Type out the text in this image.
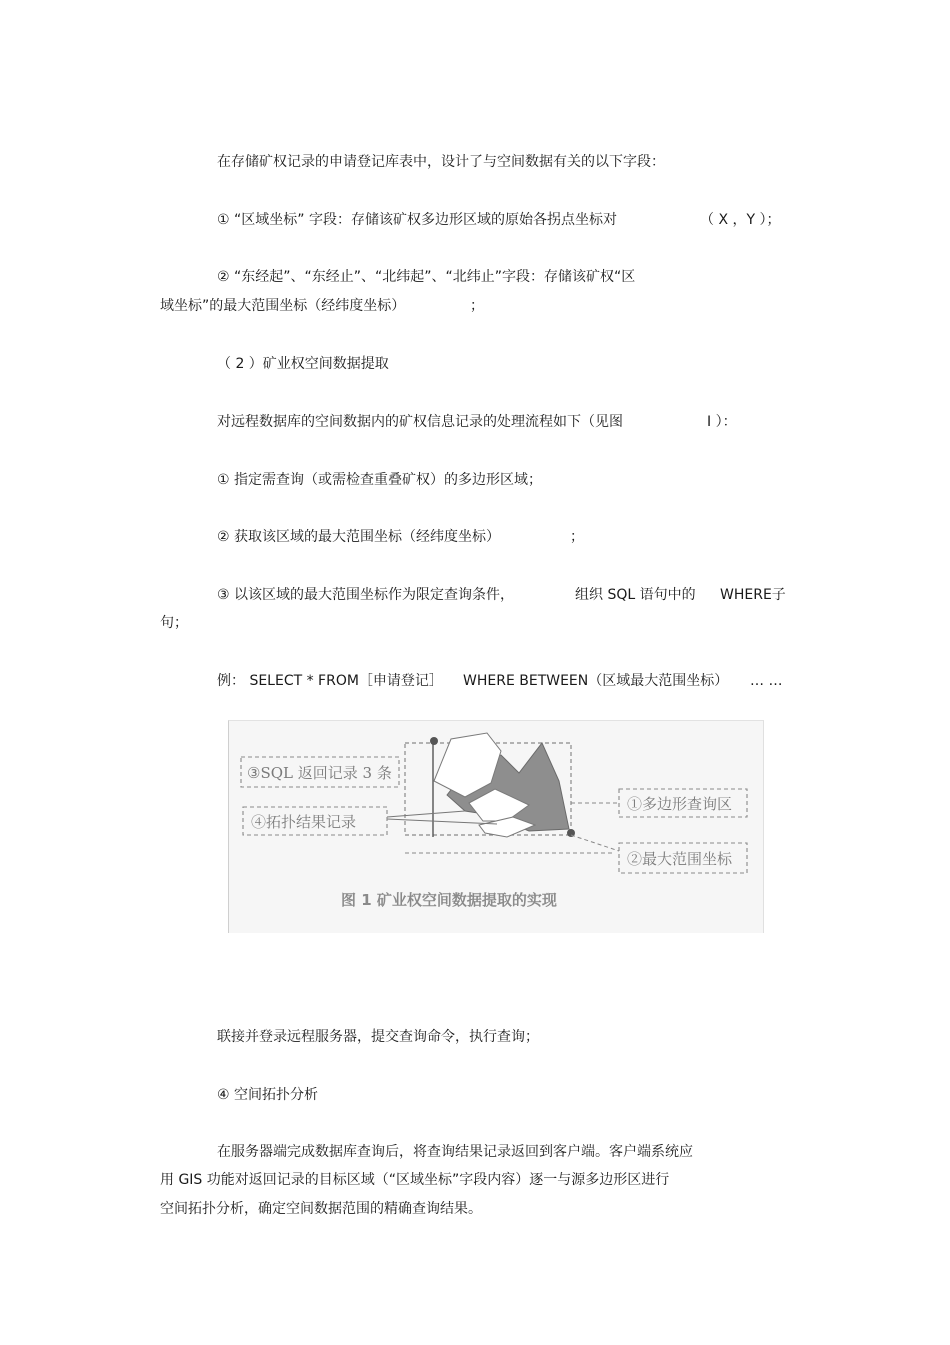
在存储矿权记录的申请登记库表中，设计了与空间数据有关的以下字段：
① “区域坐标” 字段：存储该矿权多边形区域的原始各拐点坐标对	（ X ，Y ）；
② “东经起”、“东经止”、“北纬起”、“北纬止”字段：存储该矿权“区
域坐标”的最大范围坐标（经纬度坐标）	；
（ 2 ）矿业权空间数据提取
对远程数据库的空间数据内的矿权信息记录的处理流程如下（见图	I ）：
① 指定需查询（或需检查重叠矿权）的多边形区域；
② 获取该区域的最大范围坐标（经纬度坐标）	；
③ 以该区域的最大范围坐标作为限定查询条件，	组织 SQL 语句中的 WHERE子
句；
例： SELECT * FROM［申请登记］ WHERE BETWEEN（区域最大范围坐标） … …
③SQL 返回记录 3 条
④拓扑结果记录
①多边形查询区
②最大范围坐标
图 1 矿业权空间数据提取的实现
联接并登录远程服务器，提交查询命令，执行查询；
④ 空间拓扑分析
在服务器端完成数据库查询后，将查询结果记录返回到客户端。客户端系统应
用 GIS 功能对返回记录的目标区域（“区域坐标”字段内容）逐一与源多边形区进行
空间拓扑分析，确定空间数据范围的精确查询结果。
